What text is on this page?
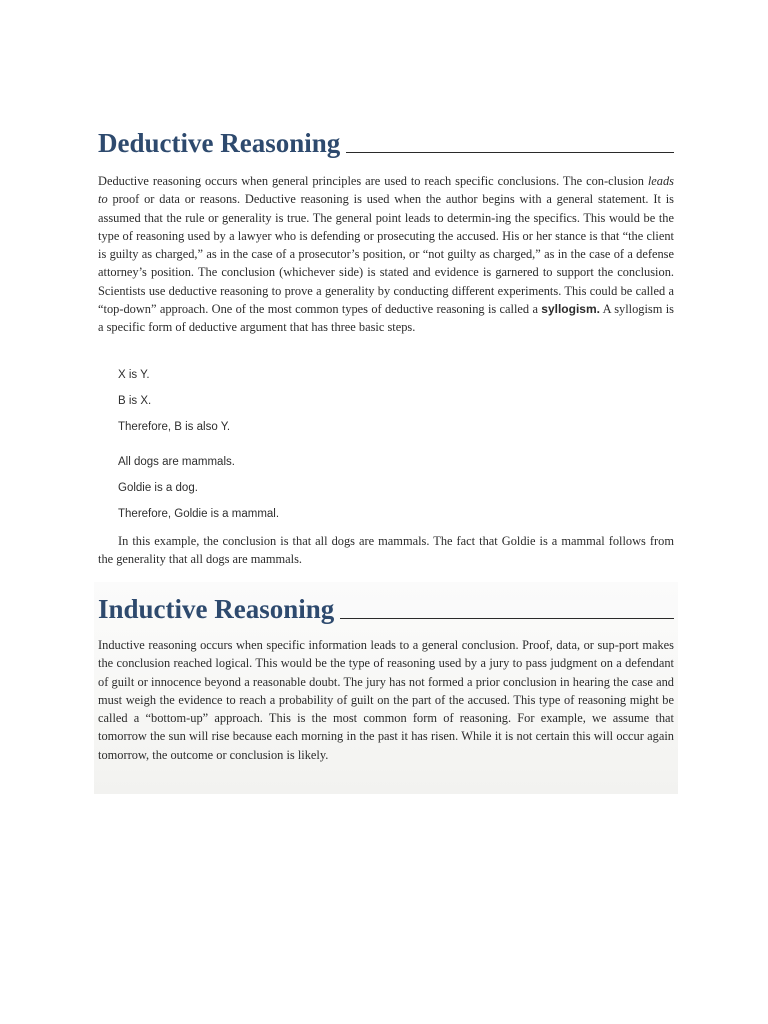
Deductive Reasoning

Deductive reasoning occurs when general principles are used to reach specific conclusions. The con-clusion leads to proof or data or reasons. Deductive reasoning is used when the author begins with a general statement. It is assumed that the rule or generality is true. The general point leads to determin-ing the specifics. This would be the type of reasoning used by a lawyer who is defending or prosecuting the accused. His or her stance is that “the client is guilty as charged,” as in the case of a prosecutor’s position, or “not guilty as charged,” as in the case of a defense attorney’s position. The conclusion (whichever side) is stated and evidence is garnered to support the conclusion. Scientists use deductive reasoning to prove a generality by conducting different experiments. This could be called a “top-down” approach. One of the most common types of deductive reasoning is called a syllogism. A syllogism is a specific form of deductive argument that has three basic steps.

X is Y.
B is X.
Therefore, B is also Y.
All dogs are mammals.
Goldie is a dog.
Therefore, Goldie is a mammal.

In this example, the conclusion is that all dogs are mammals. The fact that Goldie is a mammal follows from the generality that all dogs are mammals.

Inductive Reasoning

Inductive reasoning occurs when specific information leads to a general conclusion. Proof, data, or sup-port makes the conclusion reached logical. This would be the type of reasoning used by a jury to pass judgment on a defendant of guilt or innocence beyond a reasonable doubt. The jury has not formed a prior conclusion in hearing the case and must weigh the evidence to reach a probability of guilt on the part of the accused. This type of reasoning might be called a “bottom-up” approach. This is the most common form of reasoning. For example, we assume that tomorrow the sun will rise because each morning in the past it has risen. While it is not certain this will occur again tomorrow, the outcome or conclusion is likely.
